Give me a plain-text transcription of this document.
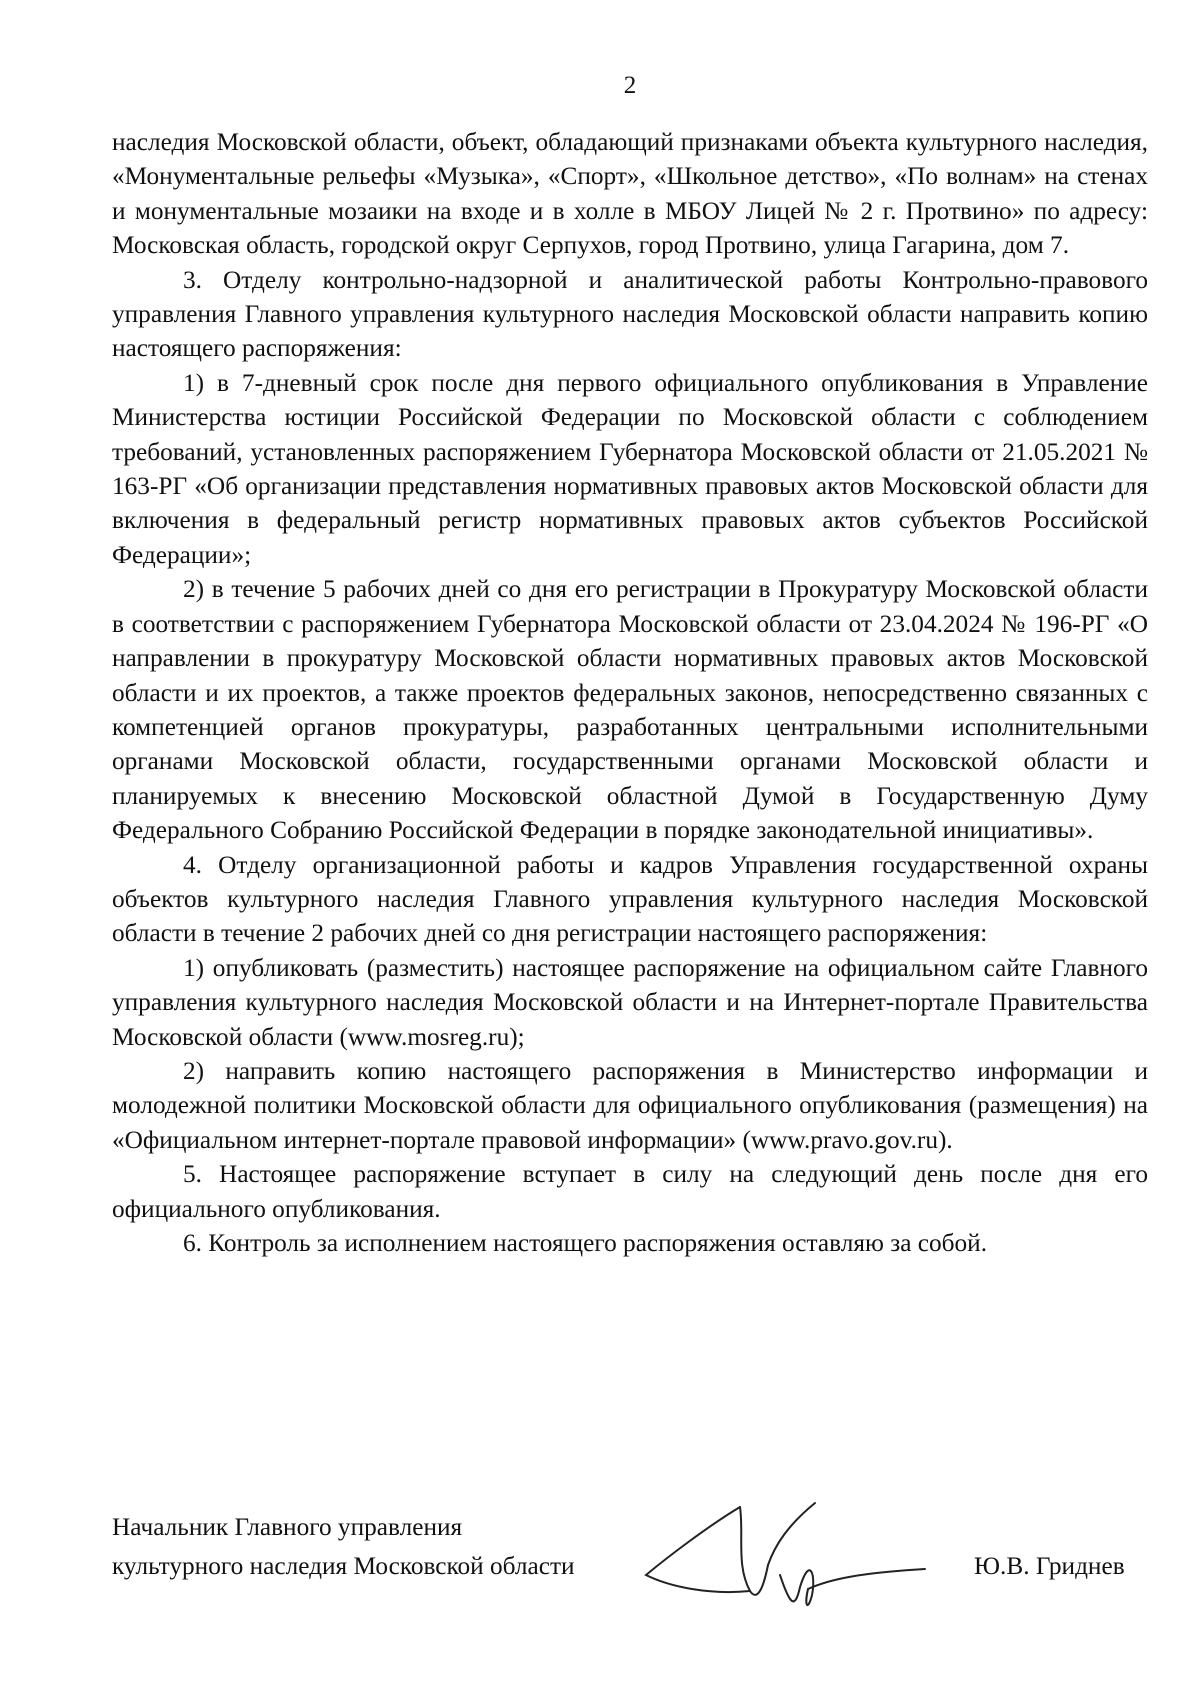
2

наследия Московской области, объект, обладающий признаками объекта культурного наследия, «Монументальные рельефы «Музыка», «Спорт», «Школьное детство», «По волнам» на стенах и монументальные мозаики на входе и в холле в МБОУ Лицей № 2 г. Протвино» по адресу: Московская область, городской округ Серпухов, город Протвино, улица Гагарина, дом 7.

3. Отделу контрольно-надзорной и аналитической работы Контрольно-правового управления Главного управления культурного наследия Московской области направить копию настоящего распоряжения:

1) в 7-дневный срок после дня первого официального опубликования в Управление Министерства юстиции Российской Федерации по Московской области с соблюдением требований, установленных распоряжением Губернатора Московской области от 21.05.2021 № 163-РГ «Об организации представления нормативных правовых актов Московской области для включения в федеральный регистр нормативных правовых актов субъектов Российской Федерации»;

2) в течение 5 рабочих дней со дня его регистрации в Прокуратуру Московской области в соответствии с распоряжением Губернатора Московской области от 23.04.2024 № 196-РГ «О направлении в прокуратуру Московской области нормативных правовых актов Московской области и их проектов, а также проектов федеральных законов, непосредственно связанных с компетенцией органов прокуратуры, разработанных центральными исполнительными органами Московской области, государственными органами Московской области и планируемых к внесению Московской областной Думой в Государственную Думу Федерального Собранию Российской Федерации в порядке законодательной инициативы».

4. Отделу организационной работы и кадров Управления государственной охраны объектов культурного наследия Главного управления культурного наследия Московской области в течение 2 рабочих дней со дня регистрации настоящего распоряжения:

1) опубликовать (разместить) настоящее распоряжение на официальном сайте Главного управления культурного наследия Московской области и на Интернет-портале Правительства Московской области (www.mosreg.ru);

2) направить копию настоящего распоряжения в Министерство информации и молодежной политики Московской области для официального опубликования (размещения) на «Официальном интернет-портале правовой информации» (www.pravo.gov.ru).

5. Настоящее распоряжение вступает в силу на следующий день после дня его официального опубликования.

6. Контроль за исполнением настоящего распоряжения оставляю за собой.

Начальник Главного управления
культурного наследия Московской области	Ю.В. Гриднев
